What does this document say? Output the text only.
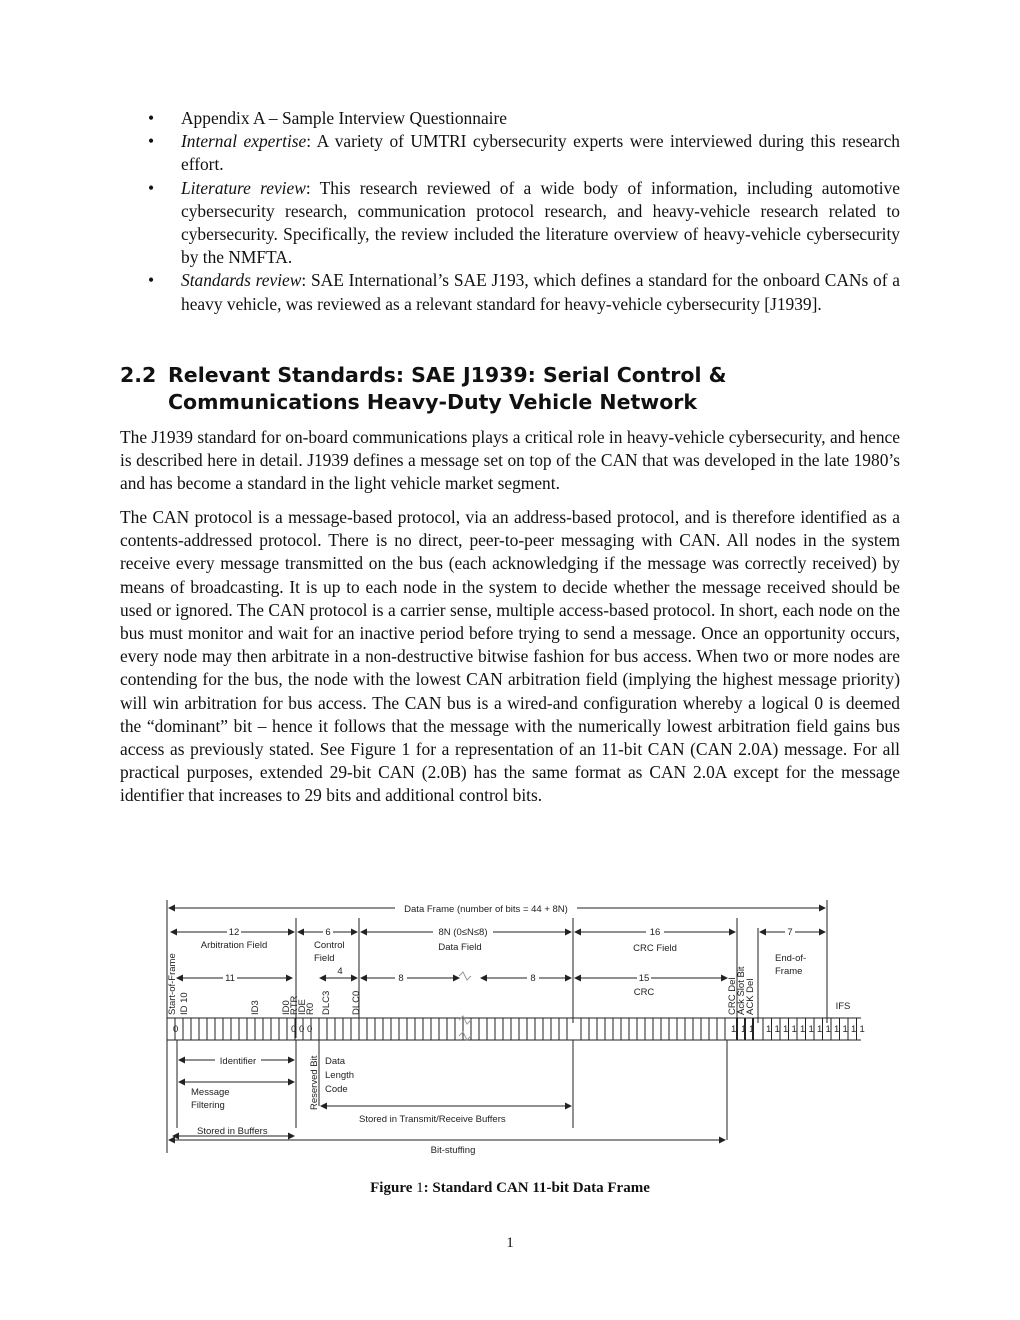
• Appendix A – Sample Interview Questionnaire
• Internal expertise: A variety of UMTRI cybersecurity experts were interviewed during this research effort.
• Literature review: This research reviewed of a wide body of information, including automotive cybersecurity research, communication protocol research, and heavy-vehicle research related to cybersecurity. Specifically, the review included the literature overview of heavy-vehicle cybersecurity by the NMFTA.
• Standards review: SAE International’s SAE J193, which defines a standard for the onboard CANs of a heavy vehicle, was reviewed as a relevant standard for heavy-vehicle cybersecurity [J1939].
2.2 Relevant Standards: SAE J1939: Serial Control & Communications Heavy-Duty Vehicle Network

The J1939 standard for on-board communications plays a critical role in heavy-vehicle cybersecurity, and hence is described here in detail. J1939 defines a message set on top of the CAN that was developed in the late 1980’s and has become a standard in the light vehicle market segment.

The CAN protocol is a message-based protocol, via an address-based protocol, and is therefore identified as a contents-addressed protocol. There is no direct, peer-to-peer messaging with CAN. All nodes in the system receive every message transmitted on the bus (each acknowledging if the message was correctly received) by means of broadcasting. It is up to each node in the system to decide whether the message received should be used or ignored. The CAN protocol is a carrier sense, multiple access-based protocol. In short, each node on the bus must monitor and wait for an inactive period before trying to send a message. Once an opportunity occurs, every node may then arbitrate in a non-destructive bitwise fashion for bus access. When two or more nodes are contending for the bus, the node with the lowest CAN arbitration field (implying the highest message priority) will win arbitration for bus access. The CAN bus is a wired-and configuration whereby a logical 0 is deemed the “dominant” bit – hence it follows that the message with the numerically lowest arbitration field gains bus access as previously stated. See Figure 1 for a representation of an 11-bit CAN (CAN 2.0A) message. For all practical purposes, extended 29-bit CAN (2.0B) has the same format as CAN 2.0A except for the message identifier that increases to 29 bits and additional control bits.

Data Frame (number of bits = 44 + 8N)
12
Arbitration Field
6
Control
Field
8N (0≤N≤8)
Data Field
16
CRC Field
7
End-of-
Frame
11
4
8	8	15
CRC
IFS
Start-of-Frame ID 10	ID3 ID0
RTR
IDE
R0 DLC3 DLC0	CRC Del
Ack Slot Bit
ACK Del
0	0 0 0	1 1 1 1 1 1 1 1 1 1 1 1 1 1 1
Identifier
Message
Filtering
Stored in Buffers
Reserved Bit Data
Length
Code
Stored in Transmit/Receive Buffers
Bit-stuffing
Figure 1: Standard CAN 11-bit Data Frame
1
